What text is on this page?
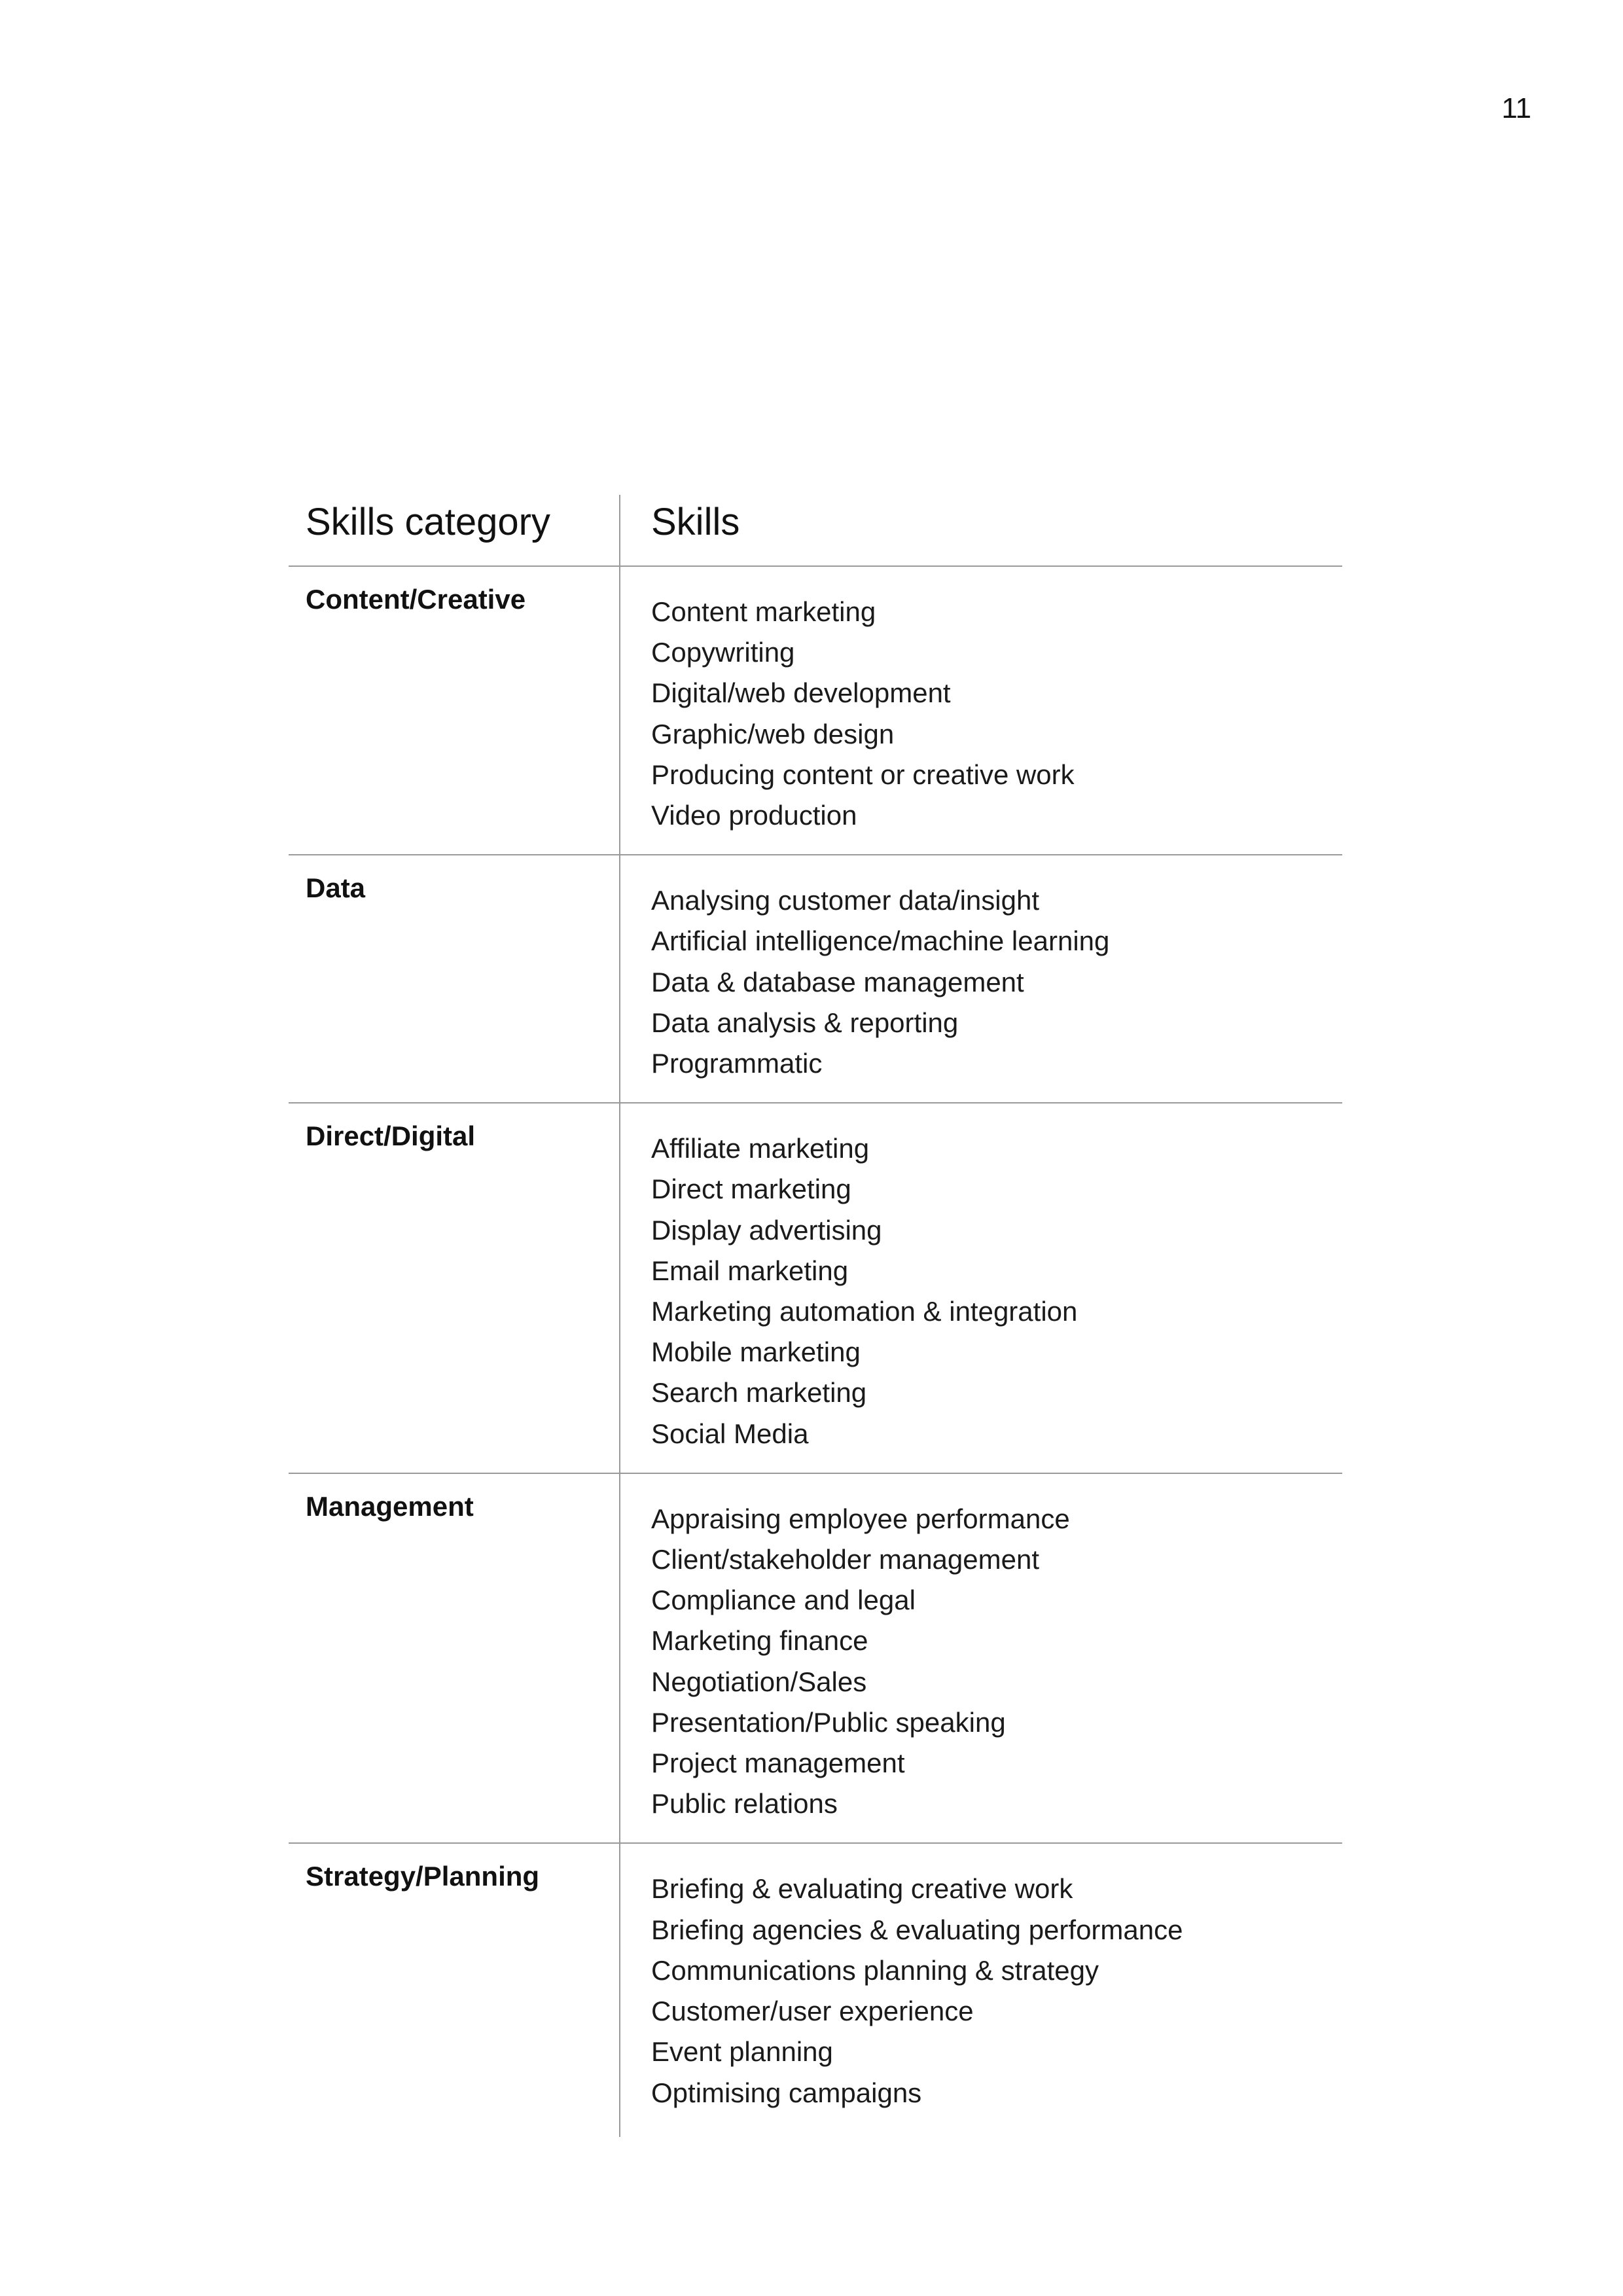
11
Skills category	Skills
Content/Creative	Content marketing
Copywriting
Digital/web development
Graphic/web design
Producing content or creative work
Video production
Data	Analysing customer data/insight
Artificial intelligence/machine learning
Data & database management
Data analysis & reporting
Programmatic
Direct/Digital	Affiliate marketing
Direct marketing
Display advertising
Email marketing
Marketing automation & integration
Mobile marketing
Search marketing
Social Media
Management	Appraising employee performance
Client/stakeholder management
Compliance and legal
Marketing finance
Negotiation/Sales
Presentation/Public speaking
Project management
Public relations
Strategy/Planning	Briefing & evaluating creative work
Briefing agencies & evaluating performance
Communications planning & strategy
Customer/user experience
Event planning
Optimising campaigns
